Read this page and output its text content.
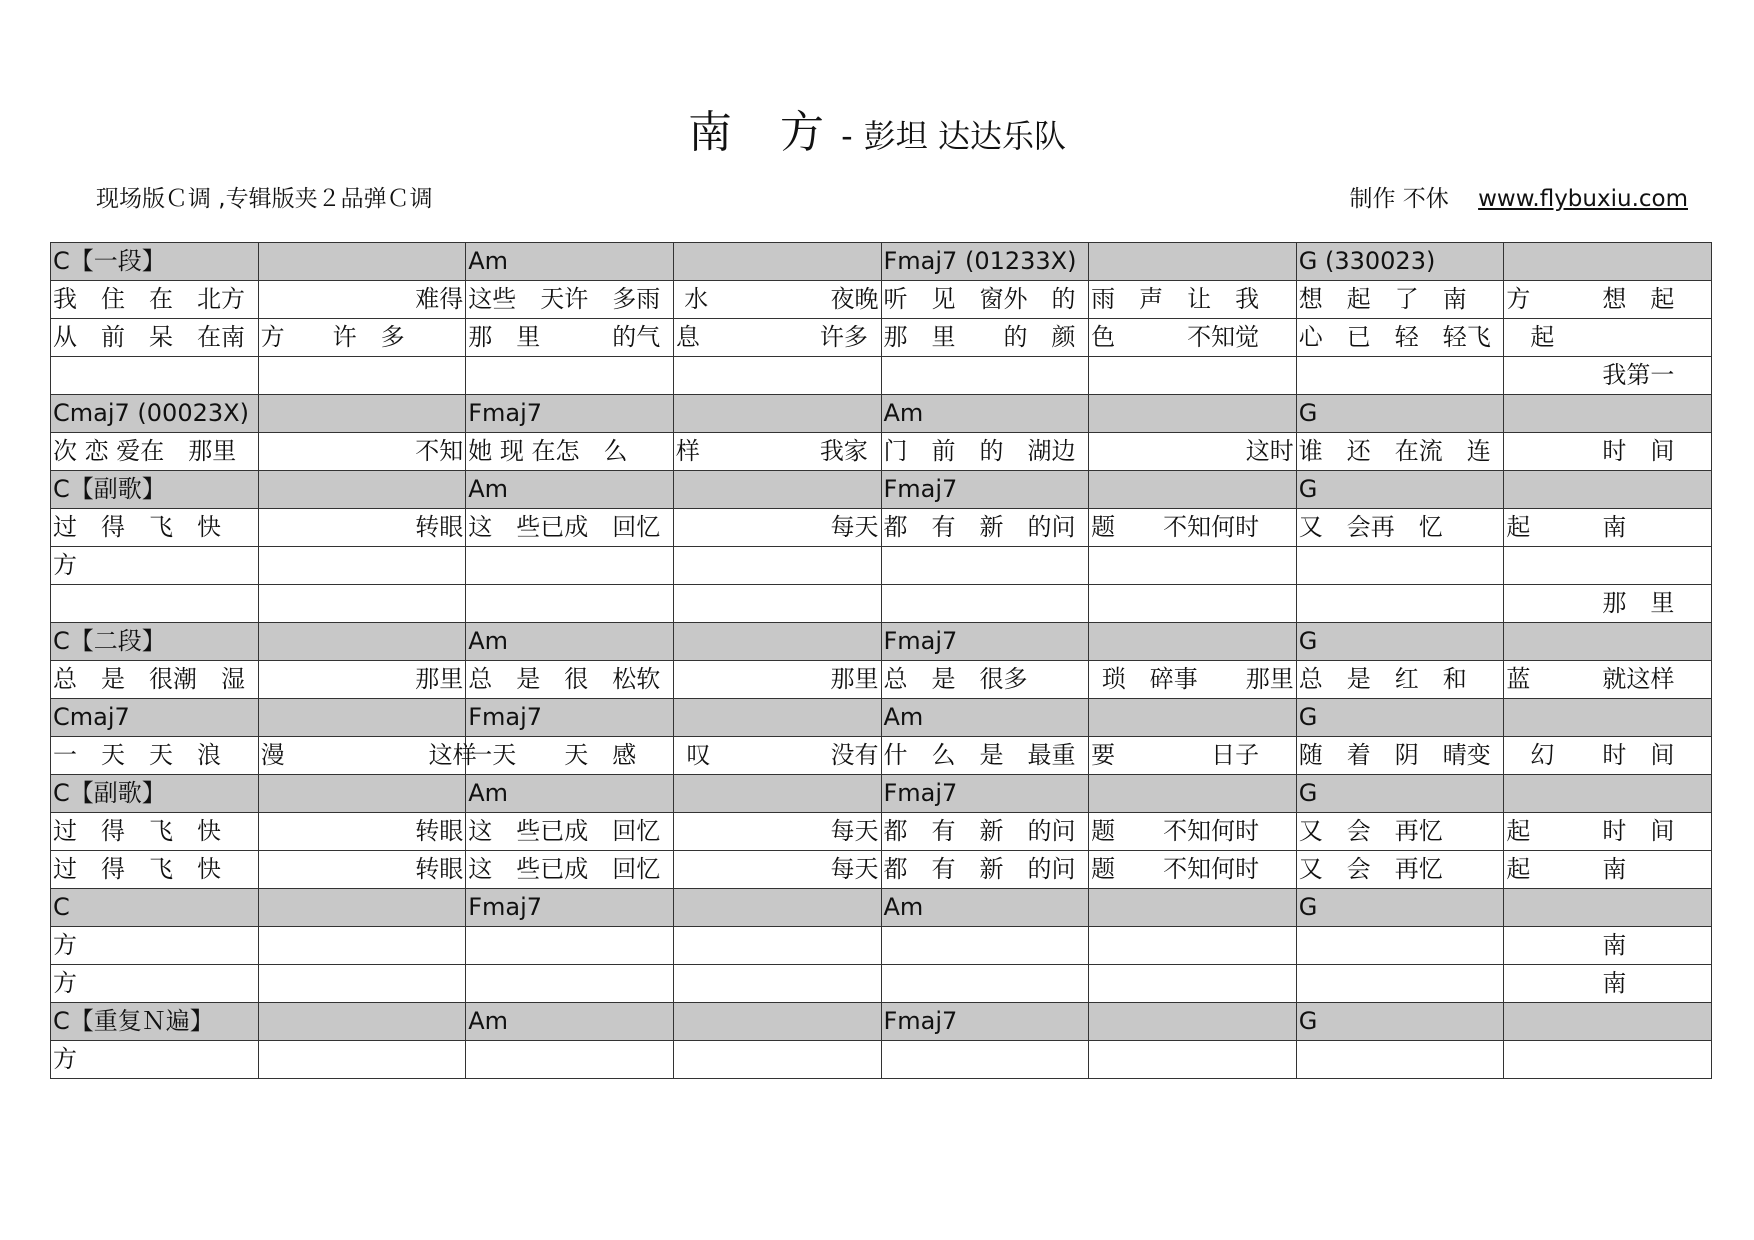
南　方 - 彭坦 达达乐队
现场版Ｃ调 ,专辑版夹２品弹Ｃ调	制作 不休 www.flybuxiu.com
C【一段】		Am		Fmaj7 (01233X)		G (330023)	
我　住　在　北方	难得	这些　天许　多雨　水	夜晚	听　见　窗外　的	雨　声　让　我	想　起　了　南	方　　　想　起
从　前　呆　在南	方　　许　多	那　里　　　的气	息　　　　　许多	那　里　　的　颜	色　　　不知觉	心　已　轻　轻飞	　起
							　　　　我第一
Cmaj7 (00023X)		Fmaj7		Am		G	
次 恋 爱在　那里	不知	她 现 在怎　么	样　　　　　我家	门　前　的　湖边	这时	谁　还　在流　连	　　　　时　间
C【副歌】		Am		Fmaj7		G	
过　得　飞　快	转眼	这　些已成　回忆	每天	都　有　新　的问	题　　不知何时	又　会再　忆	起　　　南
方							
							　　　　那　里
C【二段】		Am		Fmaj7		G	
总　是　很潮　湿	那里	总　是　很　松软	那里	总　是　很多	琐　碎事　　那里	总　是　红　和	蓝　　　就这样
Cmaj7		Fmaj7		Am		G	
一　天　天　浪	漫　　　　　　这样	一天　　天　感	叹　　　　　没有	什　么　是　最重	要　　　　日子	随　着　阴　晴变	　幻　　时　间
C【副歌】		Am		Fmaj7		G	
过　得　飞　快	转眼	这　些已成　回忆	每天	都　有　新　的问	题　　不知何时	又　会　再忆	起　　　时　间
过　得　飞　快	转眼	这　些已成　回忆	每天	都　有　新　的问	题　　不知何时	又　会　再忆	起　　　南
C		Fmaj7		Am		G	
方							　　　　南
方							　　　　南
C【重复Ｎ遍】		Am		Fmaj7		G	
方							
